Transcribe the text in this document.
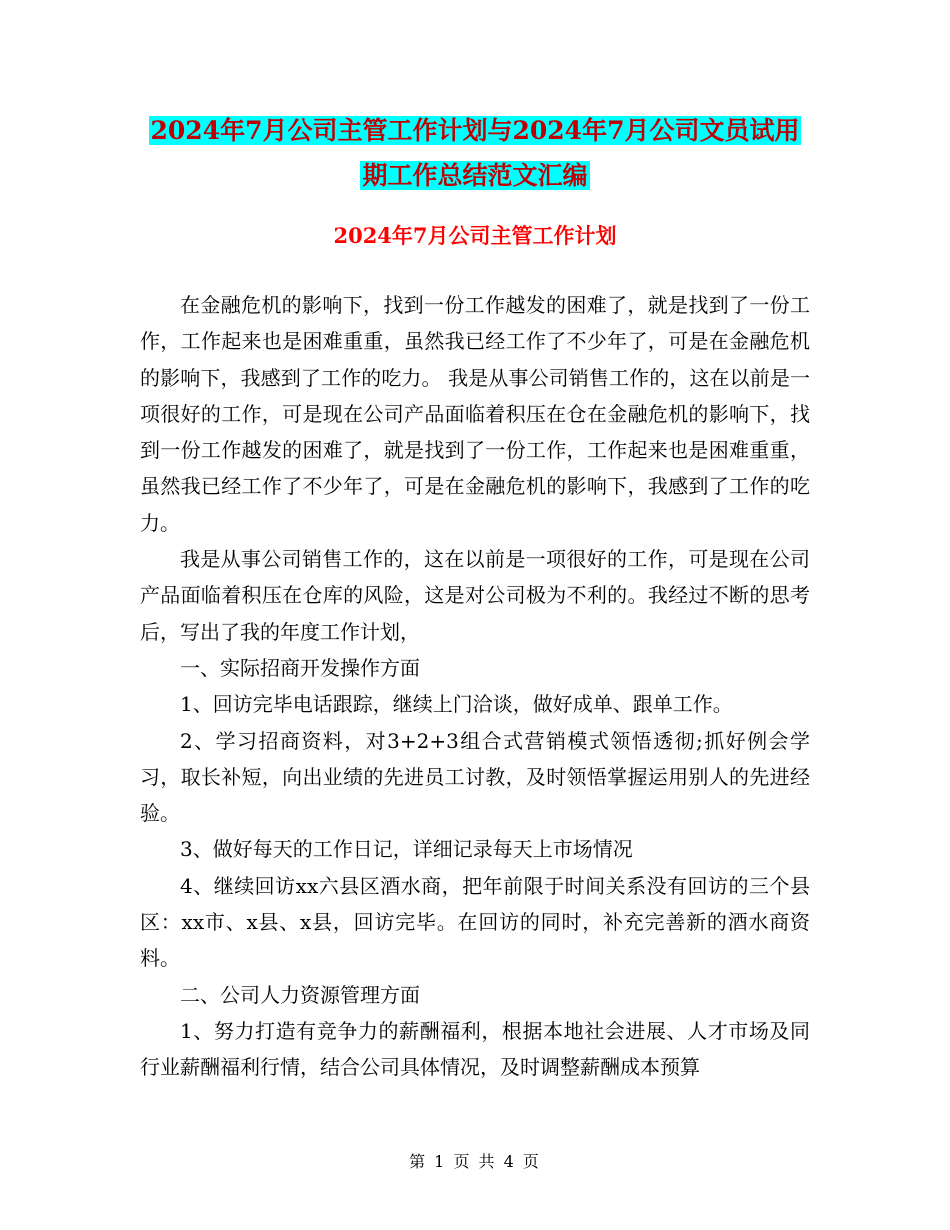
2024年7月公司主管工作计划与2024年7月公司文员试用期工作总结范文汇编
2024年7月公司主管工作计划

在金融危机的影响下，找到一份工作越发的困难了，就是找到了一份工作，工作起来也是困难重重，虽然我已经工作了不少年了，可是在金融危机的影响下，我感到了工作的吃力。 我是从事公司销售工作的，这在以前是一项很好的工作，可是现在公司产品面临着积压在仓在金融危机的影响下，找到一份工作越发的困难了，就是找到了一份工作，工作起来也是困难重重，虽然我已经工作了不少年了，可是在金融危机的影响下，我感到了工作的吃力。

我是从事公司销售工作的，这在以前是一项很好的工作，可是现在公司产品面临着积压在仓库的风险，这是对公司极为不利的。我经过不断的思考后，写出了我的年度工作计划，

一、实际招商开发操作方面

1、回访完毕电话跟踪，继续上门洽谈，做好成单、跟单工作。

2、学习招商资料，对3+2+3组合式营销模式领悟透彻;抓好例会学习，取长补短，向出业绩的先进员工讨教，及时领悟掌握运用别人的先进经验。

3、做好每天的工作日记，详细记录每天上市场情况

4、继续回访xx六县区酒水商，把年前限于时间关系没有回访的三个县区：xx市、x县、x县，回访完毕。在回访的同时，补充完善新的酒水商资料。

二、公司人力资源管理方面

1、努力打造有竞争力的薪酬福利，根据本地社会进展、人才市场及同行业薪酬福利行情，结合公司具体情况，及时调整薪酬成本预算

第 1 页 共 4 页
